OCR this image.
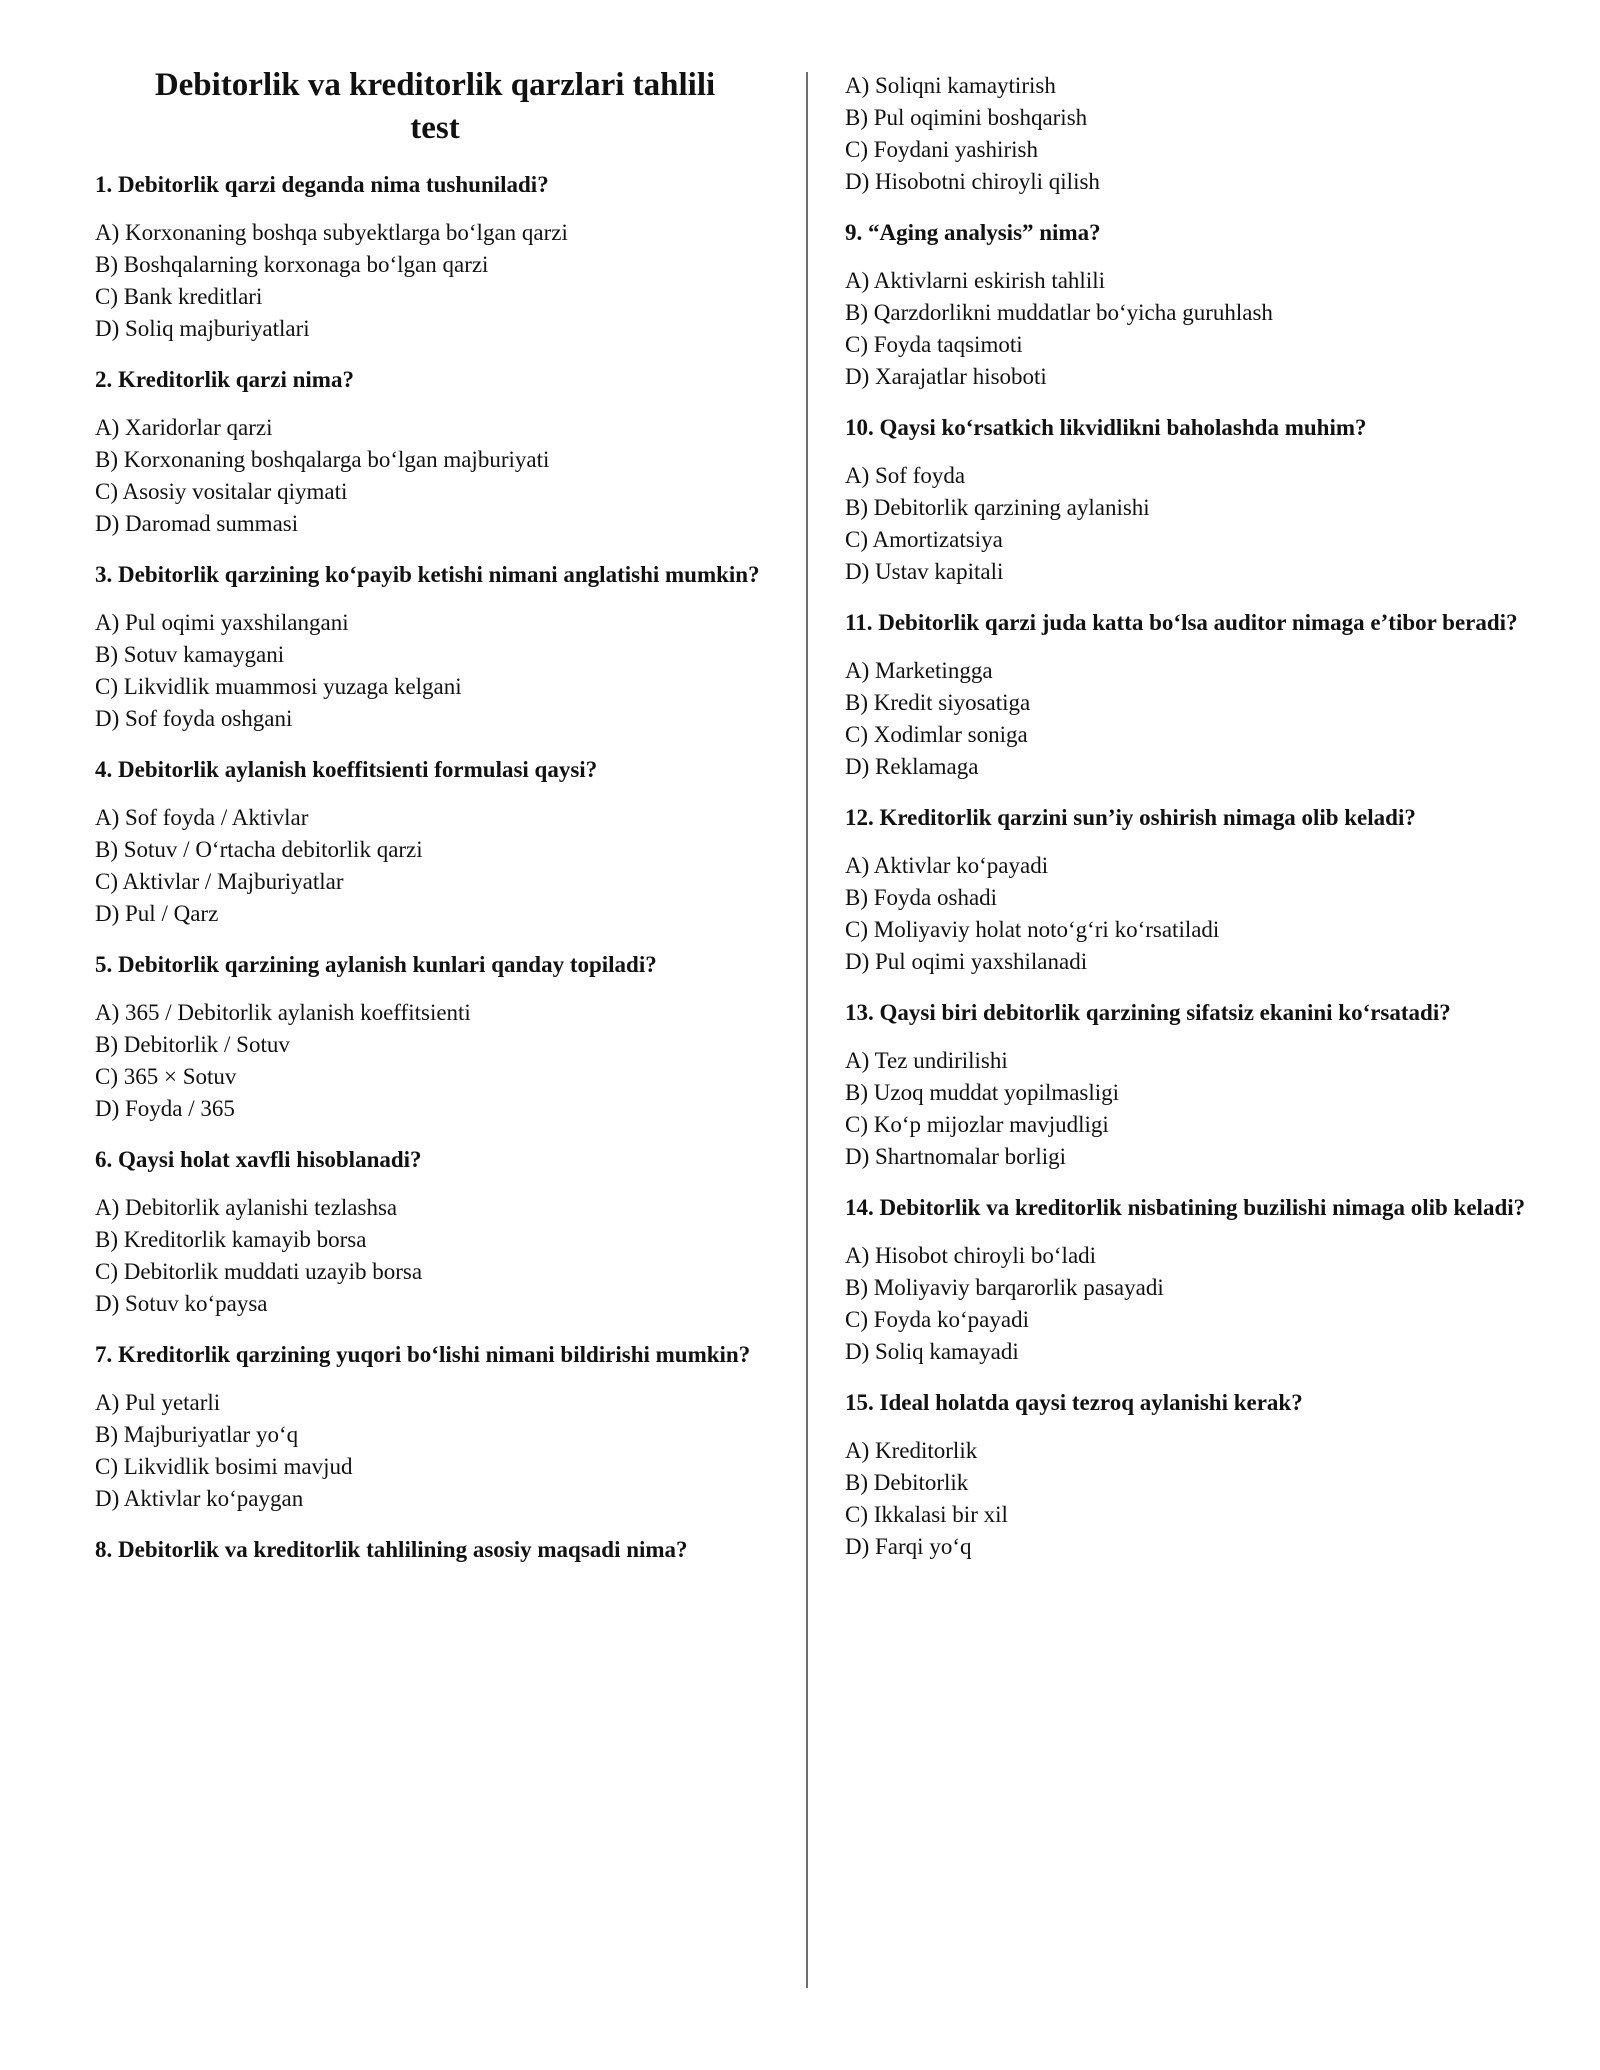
Debitorlik va kreditorlik qarzlari tahlili
test
1. Debitorlik qarzi deganda nima tushuniladi?
A) Korxonaning boshqa subyektlarga bo‘lgan qarzi
B) Boshqalarning korxonaga bo‘lgan qarzi
C) Bank kreditlari
D) Soliq majburiyatlari
2. Kreditorlik qarzi nima?
A) Xaridorlar qarzi
B) Korxonaning boshqalarga bo‘lgan majburiyati
C) Asosiy vositalar qiymati
D) Daromad summasi
3. Debitorlik qarzining ko‘payib ketishi nimani anglatishi mumkin?
A) Pul oqimi yaxshilangani
B) Sotuv kamaygani
C) Likvidlik muammosi yuzaga kelgani
D) Sof foyda oshgani
4. Debitorlik aylanish koeffitsienti formulasi qaysi?
A) Sof foyda / Aktivlar
B) Sotuv / O‘rtacha debitorlik qarzi
C) Aktivlar / Majburiyatlar
D) Pul / Qarz
5. Debitorlik qarzining aylanish kunlari qanday topiladi?
A) 365 / Debitorlik aylanish koeffitsienti
B) Debitorlik / Sotuv
C) 365 × Sotuv
D) Foyda / 365
6. Qaysi holat xavfli hisoblanadi?
A) Debitorlik aylanishi tezlashsa
B) Kreditorlik kamayib borsa
C) Debitorlik muddati uzayib borsa
D) Sotuv ko‘paysa
7. Kreditorlik qarzining yuqori bo‘lishi nimani bildirishi mumkin?
A) Pul yetarli
B) Majburiyatlar yo‘q
C) Likvidlik bosimi mavjud
D) Aktivlar ko‘paygan
8. Debitorlik va kreditorlik tahlilining asosiy maqsadi nima?
A) Soliqni kamaytirish
B) Pul oqimini boshqarish
C) Foydani yashirish
D) Hisobotni chiroyli qilish
9. “Aging analysis” nima?
A) Aktivlarni eskirish tahlili
B) Qarzdorlikni muddatlar bo‘yicha guruhlash
C) Foyda taqsimoti
D) Xarajatlar hisoboti
10. Qaysi ko‘rsatkich likvidlikni baholashda muhim?
A) Sof foyda
B) Debitorlik qarzining aylanishi
C) Amortizatsiya
D) Ustav kapitali
11. Debitorlik qarzi juda katta bo‘lsa auditor nimaga e’tibor beradi?
A) Marketingga
B) Kredit siyosatiga
C) Xodimlar soniga
D) Reklamaga
12. Kreditorlik qarzini sun’iy oshirish nimaga olib keladi?
A) Aktivlar ko‘payadi
B) Foyda oshadi
C) Moliyaviy holat noto‘g‘ri ko‘rsatiladi
D) Pul oqimi yaxshilanadi
13. Qaysi biri debitorlik qarzining sifatsiz ekanini ko‘rsatadi?
A) Tez undirilishi
B) Uzoq muddat yopilmasligi
C) Ko‘p mijozlar mavjudligi
D) Shartnomalar borligi
14. Debitorlik va kreditorlik nisbatining buzilishi nimaga olib keladi?
A) Hisobot chiroyli bo‘ladi
B) Moliyaviy barqarorlik pasayadi
C) Foyda ko‘payadi
D) Soliq kamayadi
15. Ideal holatda qaysi tezroq aylanishi kerak?
A) Kreditorlik
B) Debitorlik
C) Ikkalasi bir xil
D) Farqi yo‘q
